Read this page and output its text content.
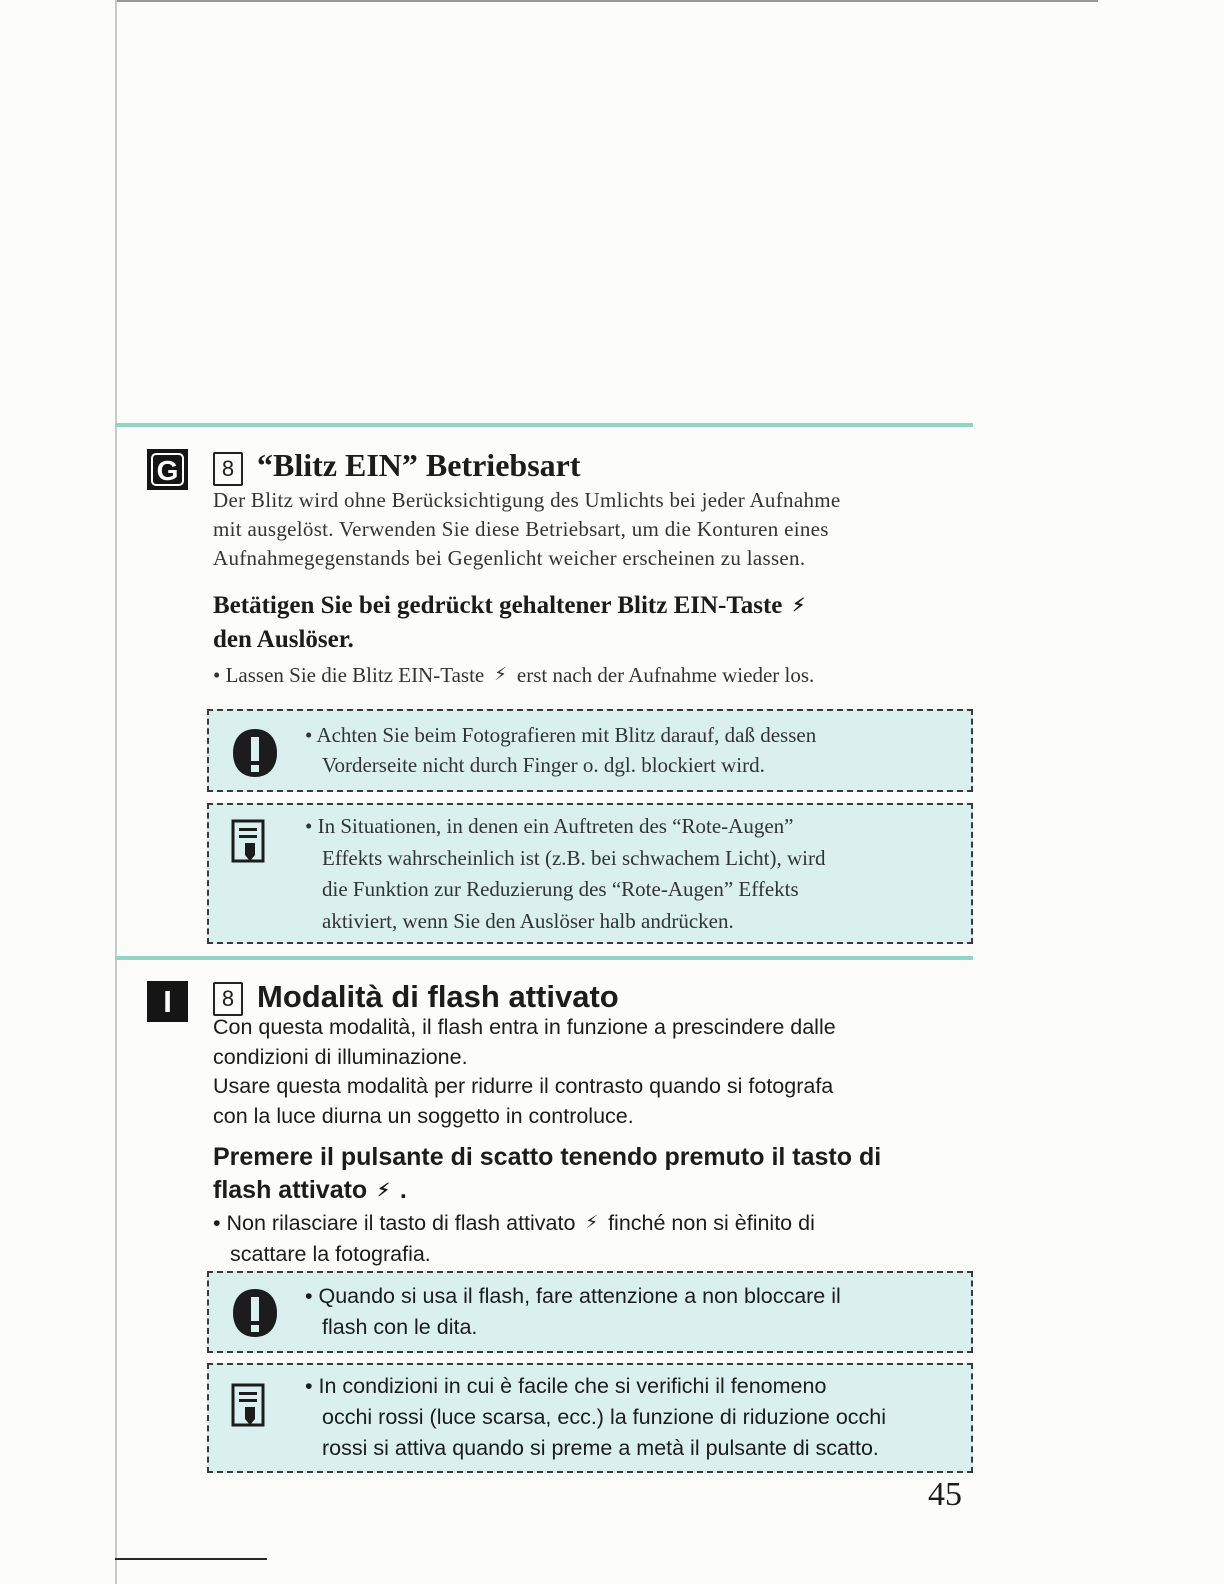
G	8 “Blitz EIN” Betriebsart
Der Blitz wird ohne Berücksichtigung des Umlichts bei jeder Aufnahme
mit ausgelöst. Verwenden Sie diese Betriebsart, um die Konturen eines
Aufnahmegegenstands bei Gegenlicht weicher erscheinen zu lassen.
Betätigen Sie bei gedrückt gehaltener Blitz EIN-Taste ⚡︎
den Auslöser.
• Lassen Sie die Blitz EIN-Taste ⚡︎ erst nach der Aufnahme wieder los.
• Achten Sie beim Fotografieren mit Blitz darauf, daß dessen
Vorderseite nicht durch Finger o. dgl. blockiert wird.
• In Situationen, in denen ein Auftreten des “Rote-Augen”
Effekts wahrscheinlich ist (z.B. bei schwachem Licht), wird
die Funktion zur Reduzierung des “Rote-Augen” Effekts
aktiviert, wenn Sie den Auslöser halb andrücken.
I	8 Modalità di flash attivato
Con questa modalità, il flash entra in funzione a prescindere dalle
condizioni di illuminazione.
Usare questa modalità per ridurre il contrasto quando si fotografa
con la luce diurna un soggetto in controluce.
Premere il pulsante di scatto tenendo premuto il tasto di
flash attivato ⚡︎ .
• Non rilasciare il tasto di flash attivato ⚡︎ finché non si èfinito di
scattare la fotografia.
• Quando si usa il flash, fare attenzione a non bloccare il
flash con le dita.
• In condizioni in cui è facile che si verifichi il fenomeno
occhi rossi (luce scarsa, ecc.) la funzione di riduzione occhi
rossi si attiva quando si preme a metà il pulsante di scatto.
45
